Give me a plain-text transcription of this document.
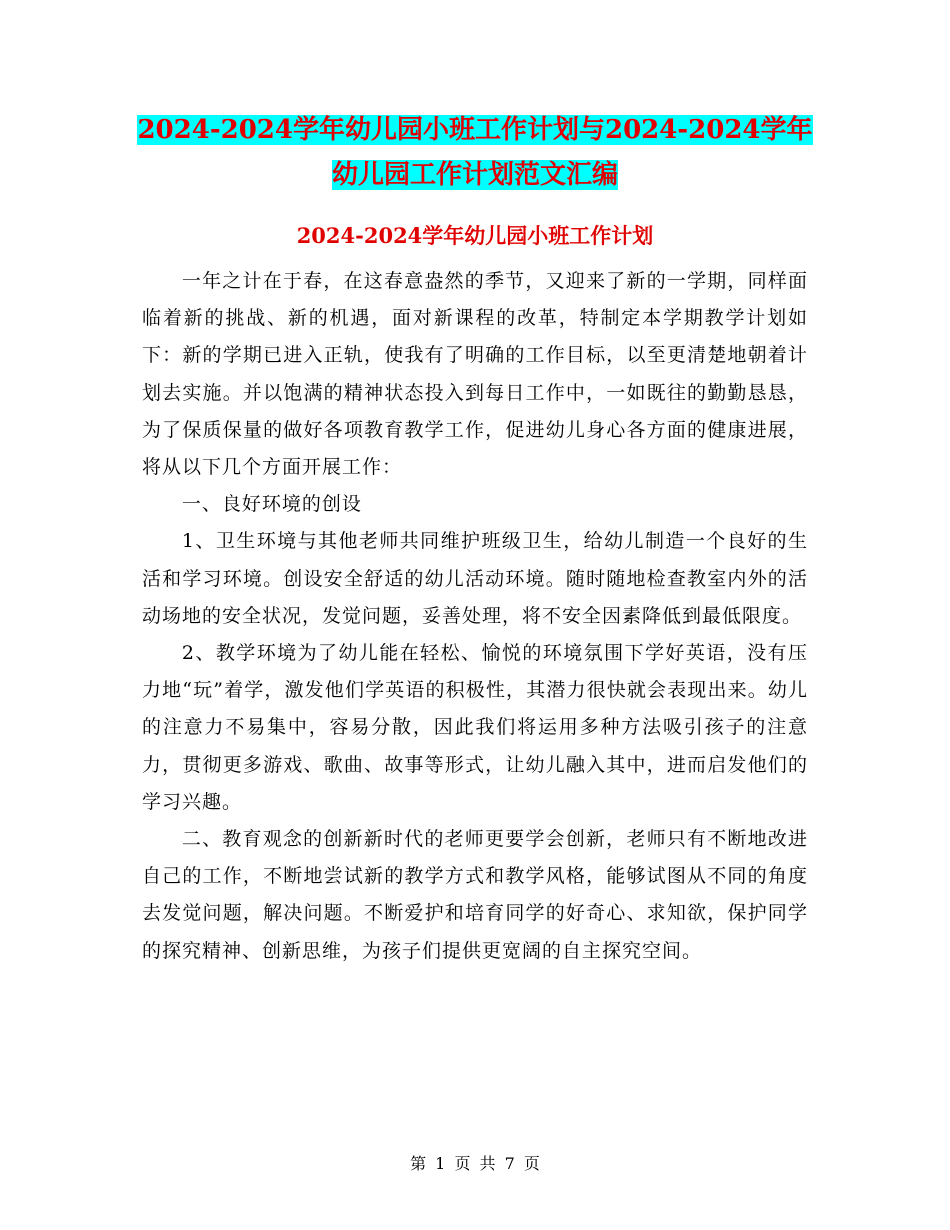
2024-2024学年幼儿园小班工作计划与2024-2024学年
幼儿园工作计划范文汇编
2024-2024学年幼儿园小班工作计划

一年之计在于春，在这春意盎然的季节，又迎来了新的一学期，同样面临着新的挑战、新的机遇，面对新课程的改革，特制定本学期教学计划如下：新的学期已进入正轨，使我有了明确的工作目标，以至更清楚地朝着计划去实施。并以饱满的精神状态投入到每日工作中，一如既往的勤勤恳恳，为了保质保量的做好各项教育教学工作，促进幼儿身心各方面的健康进展，将从以下几个方面开展工作：

一、良好环境的创设

1、卫生环境与其他老师共同维护班级卫生，给幼儿制造一个良好的生活和学习环境。创设安全舒适的幼儿活动环境。随时随地检查教室内外的活动场地的安全状况，发觉问题，妥善处理，将不安全因素降低到最低限度。

2、教学环境为了幼儿能在轻松、愉悦的环境氛围下学好英语，没有压力地“玩”着学，激发他们学英语的积极性，其潜力很快就会表现出来。幼儿的注意力不易集中，容易分散，因此我们将运用多种方法吸引孩子的注意力，贯彻更多游戏、歌曲、故事等形式，让幼儿融入其中，进而启发他们的学习兴趣。

二、教育观念的创新新时代的老师更要学会创新，老师只有不断地改进自己的工作，不断地尝试新的教学方式和教学风格，能够试图从不同的角度去发觉问题，解决问题。不断爱护和培育同学的好奇心、求知欲，保护同学的探究精神、创新思维，为孩子们提供更宽阔的自主探究空间。

第 1 页 共 7 页
